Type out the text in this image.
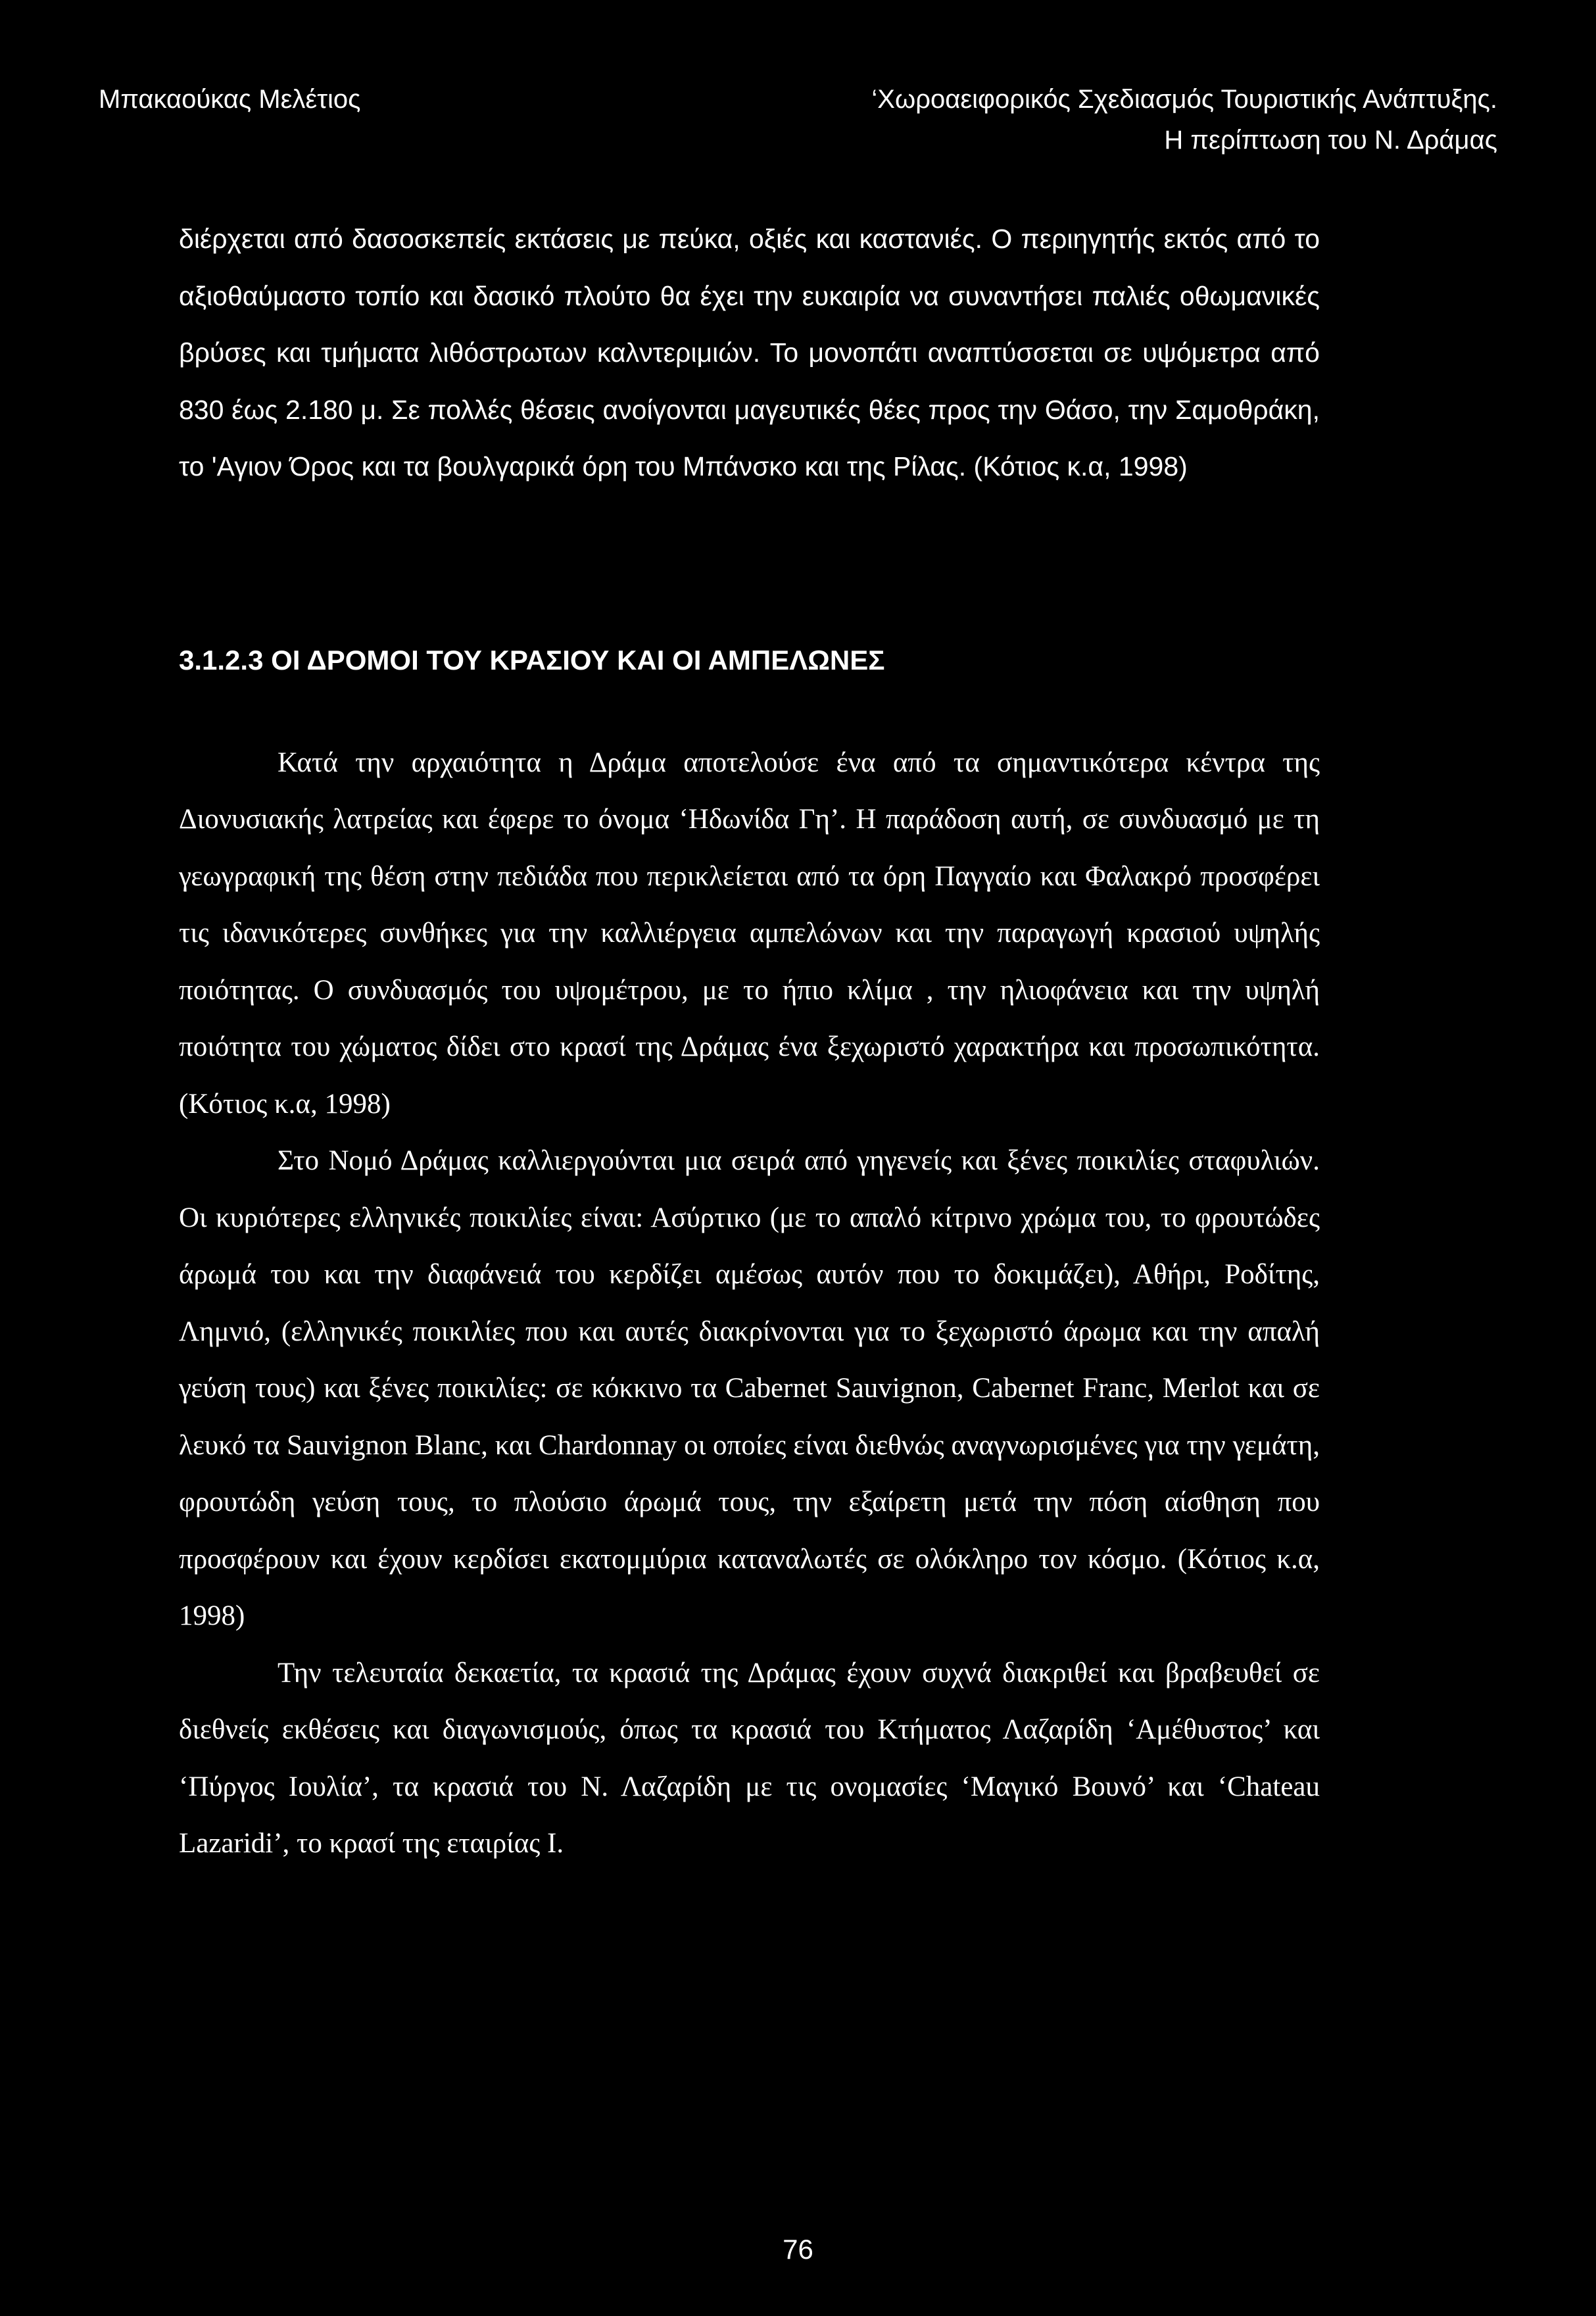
Μπακαούκας Μελέτιος	‘Χωροαειφορικός Σχεδιασμός Τουριστικής Ανάπτυξης.
Η περίπτωση του Ν. Δράμας

διέρχεται από δασοσκεπείς εκτάσεις με πεύκα, οξιές και καστανιές. Ο περιηγητής εκτός από το αξιοθαύμαστο τοπίο και δασικό πλούτο θα έχει την ευκαιρία να συναντήσει παλιές οθωμανικές βρύσες και τμήματα λιθόστρωτων καλντεριμιών. Το μονοπάτι αναπτύσσεται σε υψόμετρα από 830 έως 2.180 μ. Σε πολλές θέσεις ανοίγονται μαγευτικές θέες προς την Θάσο, την Σαμοθράκη, το 'Αγιον Όρος και τα βουλγαρικά όρη του Μπάνσκο και της Ρίλας. (Κότιος κ.α, 1998)

3.1.2.3 ΟΙ ΔΡΟΜΟΙ ΤΟΥ ΚΡΑΣΙΟΥ ΚΑΙ ΟΙ ΑΜΠΕΛΩΝΕΣ

Κατά την αρχαιότητα η Δράμα αποτελούσε ένα από τα σημαντικότερα κέντρα της Διονυσιακής λατρείας και έφερε το όνομα ‘Ηδωνίδα Γη’. Η παράδοση αυτή, σε συνδυασμό με τη γεωγραφική της θέση στην πεδιάδα που περικλείεται από τα όρη Παγγαίο και Φαλακρό προσφέρει τις ιδανικότερες συνθήκες για την καλλιέργεια αμπελώνων και την παραγωγή κρασιού υψηλής ποιότητας. Ο συνδυασμός του υψομέτρου, με το ήπιο κλίμα , την ηλιοφάνεια και την υψηλή ποιότητα του χώματος δίδει στο κρασί της Δράμας ένα ξεχωριστό χαρακτήρα και προσωπικότητα. (Κότιος κ.α, 1998)

Στο Νομό Δράμας καλλιεργούνται μια σειρά από γηγενείς και ξένες ποικιλίες σταφυλιών. Οι κυριότερες ελληνικές ποικιλίες είναι: Ασύρτικο (με το απαλό κίτρινο χρώμα του, το φρουτώδες άρωμά του και την διαφάνειά του κερδίζει αμέσως αυτόν που το δοκιμάζει), Αθήρι, Ροδίτης, Λημνιό, (ελληνικές ποικιλίες που και αυτές διακρίνονται για το ξεχωριστό άρωμα και την απαλή γεύση τους) και ξένες ποικιλίες: σε κόκκινο τα Cabernet Sauvignon, Cabernet Franc, Merlot και σε λευκό τα Sauvignon Blanc, και Chardonnay οι οποίες είναι διεθνώς αναγνωρισμένες για την γεμάτη, φρουτώδη γεύση τους, το πλούσιο άρωμά τους, την εξαίρετη μετά την πόση αίσθηση που προσφέρουν και έχουν κερδίσει εκατομμύρια καταναλωτές σε ολόκληρο τον κόσμο. (Κότιος κ.α, 1998)

Την τελευταία δεκαετία, τα κρασιά της Δράμας έχουν συχνά διακριθεί και βραβευθεί σε διεθνείς εκθέσεις και διαγωνισμούς, όπως τα κρασιά του Κτήματος Λαζαρίδη ‘Αμέθυστος’ και ‘Πύργος Ιουλία’, τα κρασιά του Ν. Λαζαρίδη με τις ονομασίες ‘Μαγικό Βουνό’ και ‘Chateau Lazaridi’, το κρασί της εταιρίας Ι.

76
